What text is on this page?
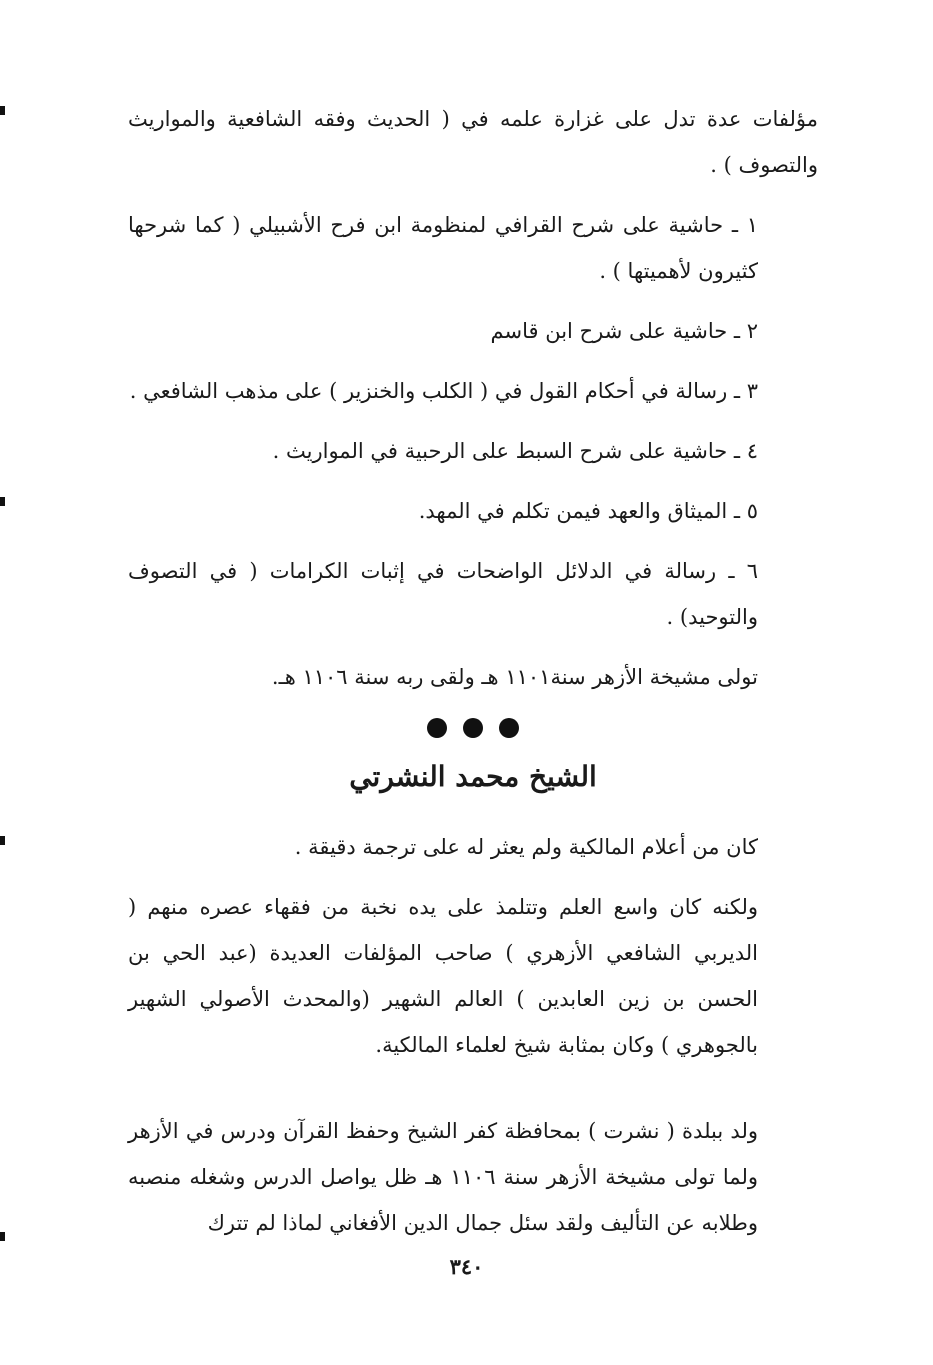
مؤلفات عدة تدل على غزارة علمه في ( الحديث وفقه الشافعية والمواريث والتصوف ) .

١ ـ حاشية على شرح القرافي لمنظومة ابن فرح الأشبيلي ( كما شرحها كثيرون لأهميتها ) .

٢ ـ حاشية على شرح ابن قاسم

٣ ـ رسالة في أحكام القول في ( الكلب والخنزير ) على مذهب الشافعي .

٤ ـ حاشية على شرح السبط على الرحبية في المواريث .

٥ ـ الميثاق والعهد فيمن تكلم في المهد.

٦ ـ رسالة في الدلائل الواضحات في إثبات الكرامات ( في التصوف والتوحيد) .

تولى مشيخة الأزهر سنة١١٠١ هـ ولقى ربه سنة ١١٠٦ هـ.

الشيخ محمد النشرتي

كان من أعلام المالكية ولم يعثر له على ترجمة دقيقة .

ولكنه كان واسع العلم وتتلمذ على يده نخبة من فقهاء عصره منهم ( الديربي الشافعي الأزهري ) صاحب المؤلفات العديدة (عبد الحي بن الحسن بن زين العابدين ) العالم الشهير (والمحدث الأصولي الشهير بالجوهري ) وكان بمثابة شيخ لعلماء المالكية.

ولد ببلدة ( نشرت ) بمحافظة كفر الشيخ وحفظ القرآن ودرس في الأزهر ولما تولى مشيخة الأزهر سنة ١١٠٦ هـ ظل يواصل الدرس وشغله منصبه وطلابه عن التأليف ولقد سئل جمال الدين الأفغاني لماذا لم تترك

٣٤٠
